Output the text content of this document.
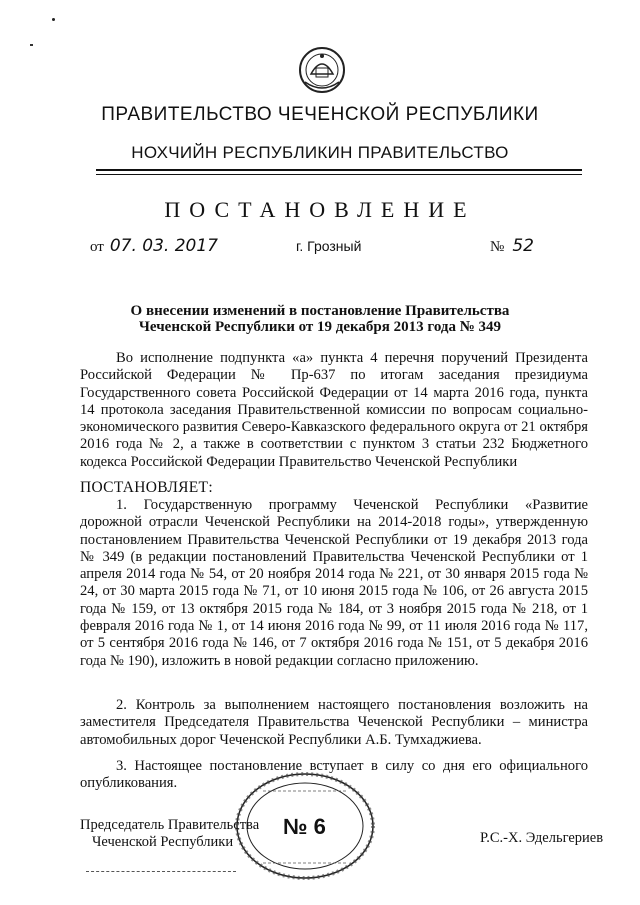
ПРАВИТЕЛЬСТВО ЧЕЧЕНСКОЙ РЕСПУБЛИКИ
НОХЧИЙН РЕСПУБЛИКИН ПРАВИТЕЛЬСТВО
ПОСТАНОВЛЕНИЕ
от 07. 03. 2017	г. Грозный	№ 52
О внесении изменений в постановление Правительства
Чеченской Республики от 19 декабря 2013 года № 349
Во исполнение подпункта «а» пункта 4 перечня поручений Президента Российской Федерации № Пр-637 по итогам заседания президиума Государственного совета Российской Федерации от 14 марта 2016 года, пункта 14 протокола заседания Правительственной комиссии по вопросам социально-экономического развития Северо-Кавказского федерального округа от 21 октября 2016 года № 2, а также в соответствии с пунктом 3 статьи 232 Бюджетного кодекса Российской Федерации Правительство Чеченской Республики
ПОСТАНОВЛЯЕТ:
1. Государственную программу Чеченской Республики «Развитие дорожной отрасли Чеченской Республики на 2014-2018 годы», утвержденную постановлением Правительства Чеченской Республики от 19 декабря 2013 года № 349 (в редакции постановлений Правительства Чеченской Республики от 1 апреля 2014 года № 54, от 20 ноября 2014 года № 221, от 30 января 2015 года № 24, от 30 марта 2015 года № 71, от 10 июня 2015 года № 106, от 26 августа 2015 года № 159, от 13 октября 2015 года № 184, от 3 ноября 2015 года № 218, от 1 февраля 2016 года № 1, от 14 июня 2016 года № 99, от 11 июля 2016 года № 117, от 5 сентября 2016 года № 146, от 7 октября 2016 года № 151, от 5 декабря 2016 года № 190), изложить в новой редакции согласно приложению.
2. Контроль за выполнением настоящего постановления возложить на заместителя Председателя Правительства Чеченской Республики – министра автомобильных дорог Чеченской Республики А.Б. Тумхаджиева.
3. Настоящее постановление вступает в силу со дня его официального опубликования.
Председатель Правительства
Чеченской Республики
№ 6	Р.С.-Х. Эдельгериев
